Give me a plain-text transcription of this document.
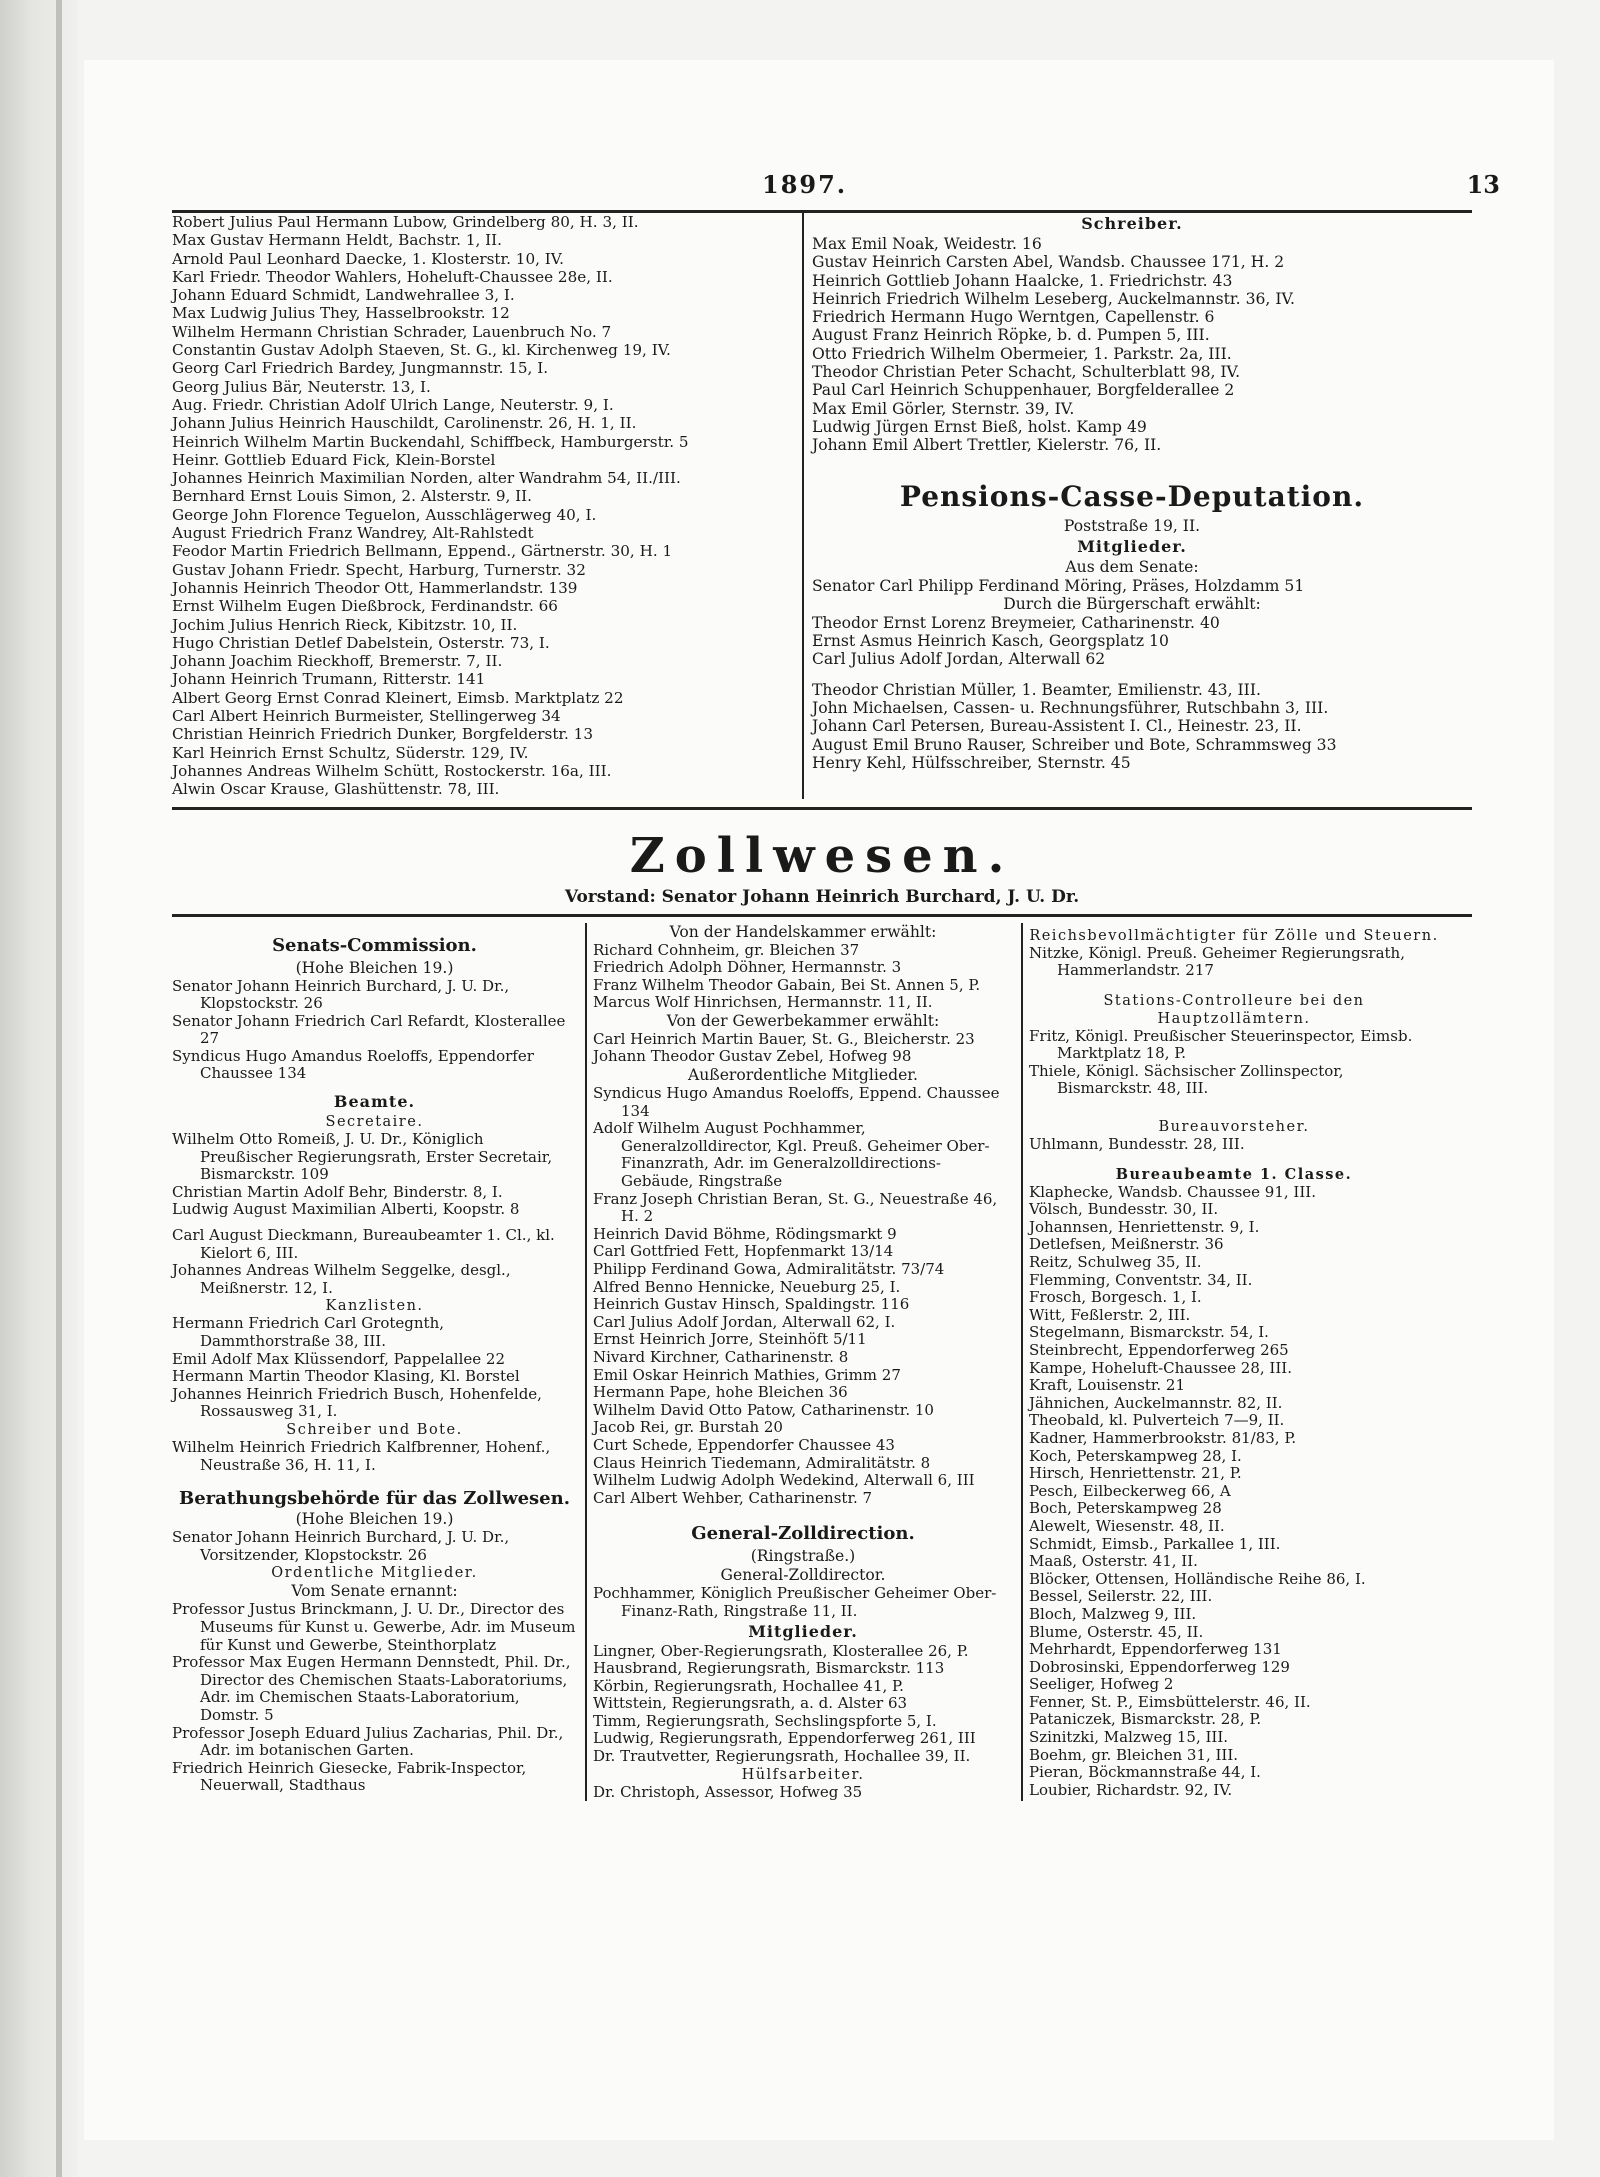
1897.	13
Robert Julius Paul Hermann Lubow, Grindelberg 80, H. 3, II.
Max Gustav Hermann Heldt, Bachstr. 1, II.
Arnold Paul Leonhard Daecke, 1. Klosterstr. 10, IV.
Karl Friedr. Theodor Wahlers, Hoheluft-Chaussee 28e, II.
Johann Eduard Schmidt, Landwehrallee 3, I.
Max Ludwig Julius They, Hasselbrookstr. 12
Wilhelm Hermann Christian Schrader, Lauenbruch No. 7
Constantin Gustav Adolph Staeven, St. G., kl. Kirchenweg 19, IV.
Georg Carl Friedrich Bardey, Jungmannstr. 15, I.
Georg Julius Bär, Neuterstr. 13, I.
Aug. Friedr. Christian Adolf Ulrich Lange, Neuterstr. 9, I.
Johann Julius Heinrich Hauschildt, Carolinenstr. 26, H. 1, II.
Heinrich Wilhelm Martin Buckendahl, Schiffbeck, Hamburgerstr. 5
Heinr. Gottlieb Eduard Fick, Klein-Borstel
Johannes Heinrich Maximilian Norden, alter Wandrahm 54, II./III.
Bernhard Ernst Louis Simon, 2. Alsterstr. 9, II.
George John Florence Teguelon, Ausschlägerweg 40, I.
August Friedrich Franz Wandrey, Alt-Rahlstedt
Feodor Martin Friedrich Bellmann, Eppend., Gärtnerstr. 30, H. 1
Gustav Johann Friedr. Specht, Harburg, Turnerstr. 32
Johannis Heinrich Theodor Ott, Hammerlandstr. 139
Ernst Wilhelm Eugen Dießbrock, Ferdinandstr. 66
Jochim Julius Henrich Rieck, Kibitzstr. 10, II.
Hugo Christian Detlef Dabelstein, Osterstr. 73, I.
Johann Joachim Rieckhoff, Bremerstr. 7, II.
Johann Heinrich Trumann, Ritterstr. 141
Albert Georg Ernst Conrad Kleinert, Eimsb. Marktplatz 22
Carl Albert Heinrich Burmeister, Stellingerweg 34
Christian Heinrich Friedrich Dunker, Borgfelderstr. 13
Karl Heinrich Ernst Schultz, Süderstr. 129, IV.
Johannes Andreas Wilhelm Schütt, Rostockerstr. 16a, III.
Alwin Oscar Krause, Glashüttenstr. 78, III.
Schreiber.
Max Emil Noak, Weidestr. 16
Gustav Heinrich Carsten Abel, Wandsb. Chaussee 171, H. 2
Heinrich Gottlieb Johann Haalcke, 1. Friedrichstr. 43
Heinrich Friedrich Wilhelm Leseberg, Auckelmannstr. 36, IV.
Friedrich Hermann Hugo Werntgen, Capellenstr. 6
August Franz Heinrich Röpke, b. d. Pumpen 5, III.
Otto Friedrich Wilhelm Obermeier, 1. Parkstr. 2a, III.
Theodor Christian Peter Schacht, Schulterblatt 98, IV.
Paul Carl Heinrich Schuppenhauer, Borgfelderallee 2
Max Emil Görler, Sternstr. 39, IV.
Ludwig Jürgen Ernst Bieß, holst. Kamp 49
Johann Emil Albert Trettler, Kielerstr. 76, II.
Pensions-Casse-Deputation.
Poststraße 19, II.
Mitglieder.
Aus dem Senate:
Senator Carl Philipp Ferdinand Möring, Präses, Holzdamm 51
Durch die Bürgerschaft erwählt:
Theodor Ernst Lorenz Breymeier, Catharinenstr. 40
Ernst Asmus Heinrich Kasch, Georgsplatz 10
Carl Julius Adolf Jordan, Alterwall 62
Theodor Christian Müller, 1. Beamter, Emilienstr. 43, III.
John Michaelsen, Cassen- u. Rechnungsführer, Rutschbahn 3, III.
Johann Carl Petersen, Bureau-Assistent I. Cl., Heinestr. 23, II.
August Emil Bruno Rauser, Schreiber und Bote, Schrammsweg 33
Henry Kehl, Hülfsschreiber, Sternstr. 45
Zollwesen.
Vorstand: Senator Johann Heinrich Burchard, J. U. Dr.
Senats-Commission.
(Hohe Bleichen 19.)
Senator Johann Heinrich Burchard, J. U. Dr., Klopstockstr. 26
Senator Johann Friedrich Carl Refardt, Klosterallee 27
Syndicus Hugo Amandus Roeloffs, Eppendorfer Chaussee 134
Beamte.
Secretaire.
Wilhelm Otto Romeiß, J. U. Dr., Königlich Preußischer Regierungsrath, Erster Secretair, Bismarckstr. 109
Christian Martin Adolf Behr, Binderstr. 8, I.
Ludwig August Maximilian Alberti, Koopstr. 8
Carl August Dieckmann, Bureaubeamter 1. Cl., kl. Kielort 6, III.
Johannes Andreas Wilhelm Seggelke, desgl., Meißnerstr. 12, I.
Kanzlisten.
Hermann Friedrich Carl Grotegnth, Dammthorstraße 38, III.
Emil Adolf Max Klüssendorf, Pappelallee 22
Hermann Martin Theodor Klasing, Kl. Borstel
Johannes Heinrich Friedrich Busch, Hohenfelde, Rossausweg 31, I.
Schreiber und Bote.
Wilhelm Heinrich Friedrich Kalfbrenner, Hohenf., Neustraße 36, H. 11, I.
Berathungsbehörde für das Zollwesen.
(Hohe Bleichen 19.)
Senator Johann Heinrich Burchard, J. U. Dr., Vorsitzender, Klopstockstr. 26
Ordentliche Mitglieder.
Vom Senate ernannt:
Professor Justus Brinckmann, J. U. Dr., Director des Museums für Kunst u. Gewerbe, Adr. im Museum für Kunst und Gewerbe, Steinthorplatz
Professor Max Eugen Hermann Dennstedt, Phil. Dr., Director des Chemischen Staats-Laboratoriums, Adr. im Chemischen Staats-Laboratorium, Domstr. 5
Professor Joseph Eduard Julius Zacharias, Phil. Dr., Adr. im botanischen Garten.
Friedrich Heinrich Giesecke, Fabrik-Inspector, Neuerwall, Stadthaus
Von der Handelskammer erwählt:
Richard Cohnheim, gr. Bleichen 37
Friedrich Adolph Döhner, Hermannstr. 3
Franz Wilhelm Theodor Gabain, Bei St. Annen 5, P.
Marcus Wolf Hinrichsen, Hermannstr. 11, II.
Von der Gewerbekammer erwählt:
Carl Heinrich Martin Bauer, St. G., Bleicherstr. 23
Johann Theodor Gustav Zebel, Hofweg 98
Außerordentliche Mitglieder.
Syndicus Hugo Amandus Roeloffs, Eppend. Chaussee 134
Adolf Wilhelm August Pochhammer, Generalzolldirector, Kgl. Preuß. Geheimer Ober-Finanzrath, Adr. im Generalzolldirections-Gebäude, Ringstraße
Franz Joseph Christian Beran, St. G., Neuestraße 46, H. 2
Heinrich David Böhme, Rödingsmarkt 9
Carl Gottfried Fett, Hopfenmarkt 13/14
Philipp Ferdinand Gowa, Admiralitätstr. 73/74
Alfred Benno Hennicke, Neueburg 25, I.
Heinrich Gustav Hinsch, Spaldingstr. 116
Carl Julius Adolf Jordan, Alterwall 62, I.
Ernst Heinrich Jorre, Steinhöft 5/11
Nivard Kirchner, Catharinenstr. 8
Emil Oskar Heinrich Mathies, Grimm 27
Hermann Pape, hohe Bleichen 36
Wilhelm David Otto Patow, Catharinenstr. 10
Jacob Rei, gr. Burstah 20
Curt Schede, Eppendorfer Chaussee 43
Claus Heinrich Tiedemann, Admiralitätstr. 8
Wilhelm Ludwig Adolph Wedekind, Alterwall 6, III
Carl Albert Wehber, Catharinenstr. 7
General-Zolldirection.
(Ringstraße.)
General-Zolldirector.
Pochhammer, Königlich Preußischer Geheimer Ober-Finanz-Rath, Ringstraße 11, II.
Mitglieder.
Lingner, Ober-Regierungsrath, Klosterallee 26, P.
Hausbrand, Regierungsrath, Bismarckstr. 113
Körbin, Regierungsrath, Hochallee 41, P.
Wittstein, Regierungsrath, a. d. Alster 63
Timm, Regierungsrath, Sechslingspforte 5, I.
Ludwig, Regierungsrath, Eppendorferweg 261, III
Dr. Trautvetter, Regierungsrath, Hochallee 39, II.
Hülfsarbeiter.
Dr. Christoph, Assessor, Hofweg 35
Reichsbevollmächtigter für Zölle und Steuern.
Nitzke, Königl. Preuß. Geheimer Regierungsrath, Hammerlandstr. 217
Stations-Controlleure bei den Hauptzollämtern.
Fritz, Königl. Preußischer Steuerinspector, Eimsb. Marktplatz 18, P.
Thiele, Königl. Sächsischer Zollinspector, Bismarckstr. 48, III.
Bureauvorsteher.
Uhlmann, Bundesstr. 28, III.
Bureaubeamte 1. Classe.
Klaphecke, Wandsb. Chaussee 91, III.
Völsch, Bundesstr. 30, II.
Johannsen, Henriettenstr. 9, I.
Detlefsen, Meißnerstr. 36
Reitz, Schulweg 35, II.
Flemming, Conventstr. 34, II.
Frosch, Borgesch. 1, I.
Witt, Feßlerstr. 2, III.
Stegelmann, Bismarckstr. 54, I.
Steinbrecht, Eppendorferweg 265
Kampe, Hoheluft-Chaussee 28, III.
Kraft, Louisenstr. 21
Jähnichen, Auckelmannstr. 82, II.
Theobald, kl. Pulverteich 7—9, II.
Kadner, Hammerbrookstr. 81/83, P.
Koch, Peterskampweg 28, I.
Hirsch, Henriettenstr. 21, P.
Pesch, Eilbeckerweg 66, A
Boch, Peterskampweg 28
Alewelt, Wiesenstr. 48, II.
Schmidt, Eimsb., Parkallee 1, III.
Maaß, Osterstr. 41, II.
Blöcker, Ottensen, Holländische Reihe 86, I.
Bessel, Seilerstr. 22, III.
Bloch, Malzweg 9, III.
Blume, Osterstr. 45, II.
Mehrhardt, Eppendorferweg 131
Dobrosinski, Eppendorferweg 129
Seeliger, Hofweg 2
Fenner, St. P., Eimsbüttelerstr. 46, II.
Pataniczek, Bismarckstr. 28, P.
Szinitzki, Malzweg 15, III.
Boehm, gr. Bleichen 31, III.
Pieran, Böckmannstraße 44, I.
Loubier, Richardstr. 92, IV.
